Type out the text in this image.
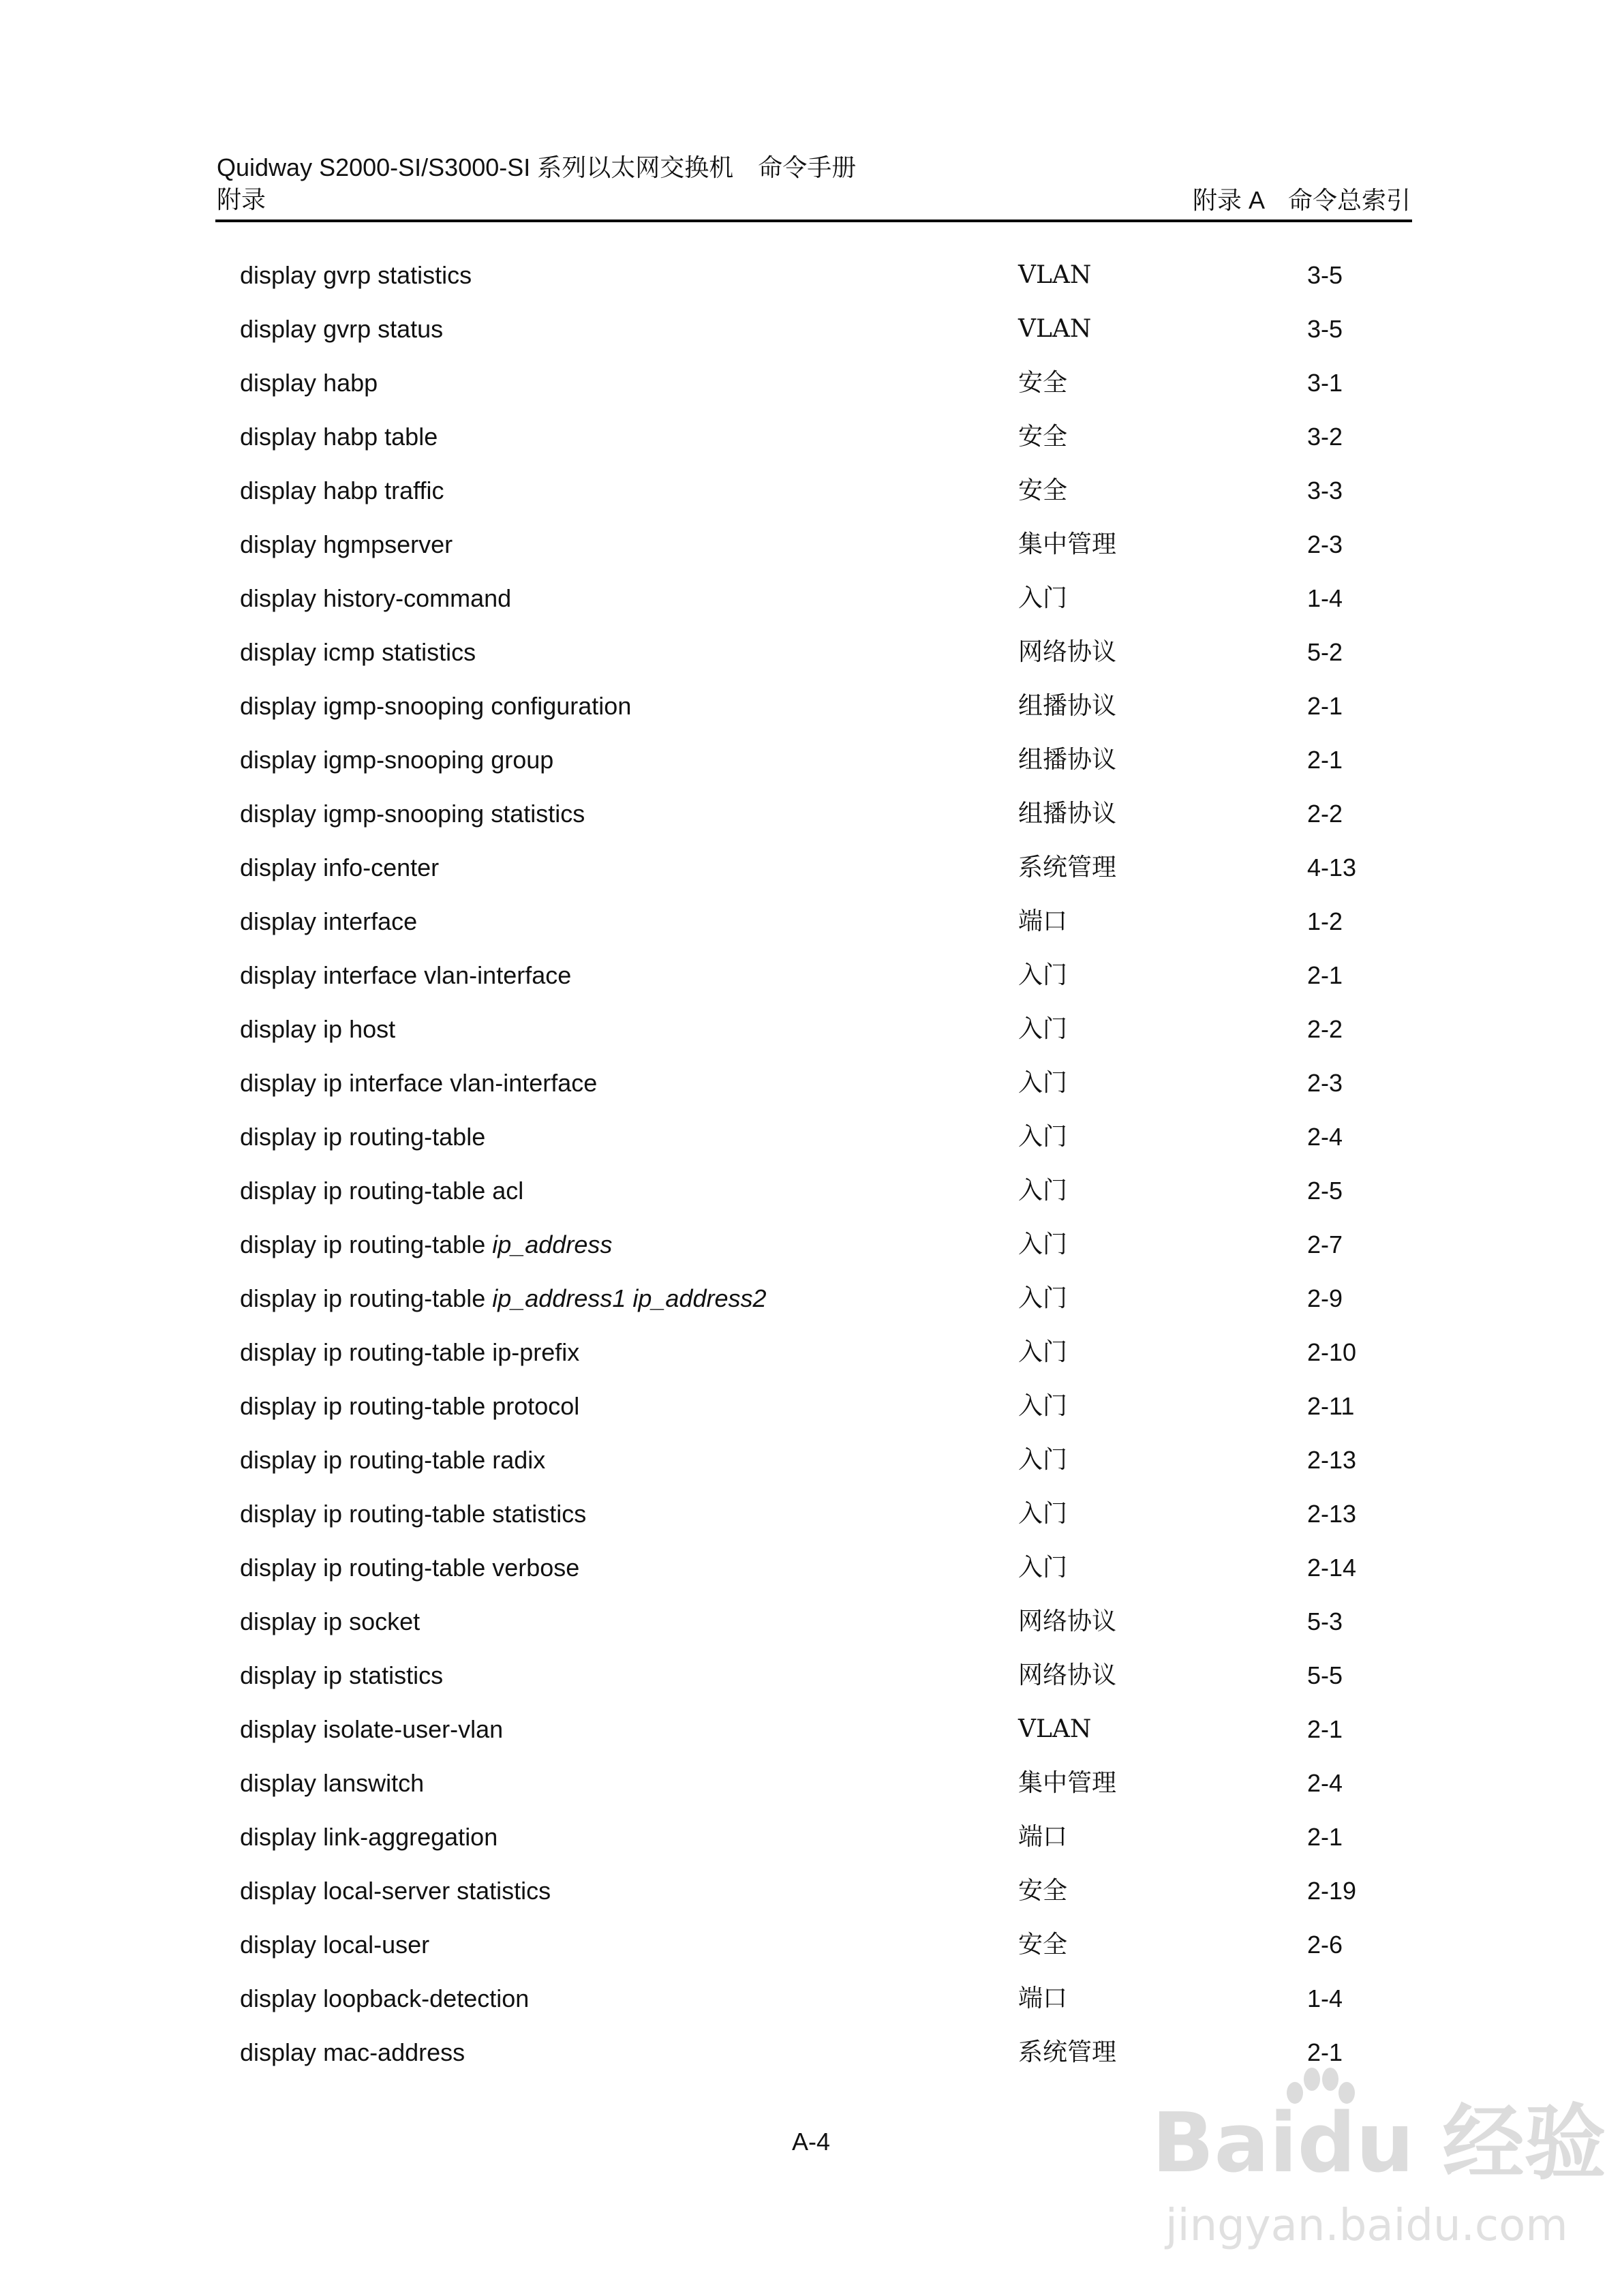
Quidway S2000-SI/S3000-SI 系列以太网交换机　命令手册
附录	附录 A　命令总索引
display gvrp statistics	VLAN	3-5
display gvrp status	VLAN	3-5
display habp	安全	3-1
display habp table	安全	3-2
display habp traffic	安全	3-3
display hgmpserver	集中管理	2-3
display history-command	入门	1-4
display icmp statistics	网络协议	5-2
display igmp-snooping configuration	组播协议	2-1
display igmp-snooping group	组播协议	2-1
display igmp-snooping statistics	组播协议	2-2
display info-center	系统管理	4-13
display interface	端口	1-2
display interface vlan-interface	入门	2-1
display ip host	入门	2-2
display ip interface vlan-interface	入门	2-3
display ip routing-table	入门	2-4
display ip routing-table acl	入门	2-5
display ip routing-table ip_address	入门	2-7
display ip routing-table ip_address1 ip_address2	入门	2-9
display ip routing-table ip-prefix	入门	2-10
display ip routing-table protocol	入门	2-11
display ip routing-table radix	入门	2-13
display ip routing-table statistics	入门	2-13
display ip routing-table verbose	入门	2-14
display ip socket	网络协议	5-3
display ip statistics	网络协议	5-5
display isolate-user-vlan	VLAN	2-1
display lanswitch	集中管理	2-4
display link-aggregation	端口	2-1
display local-server statistics	安全	2-19
display local-user	安全	2-6
display loopback-detection	端口	1-4
display mac-address	系统管理	2-1
A-4	Baidu 经验
jingyan.baidu.com
